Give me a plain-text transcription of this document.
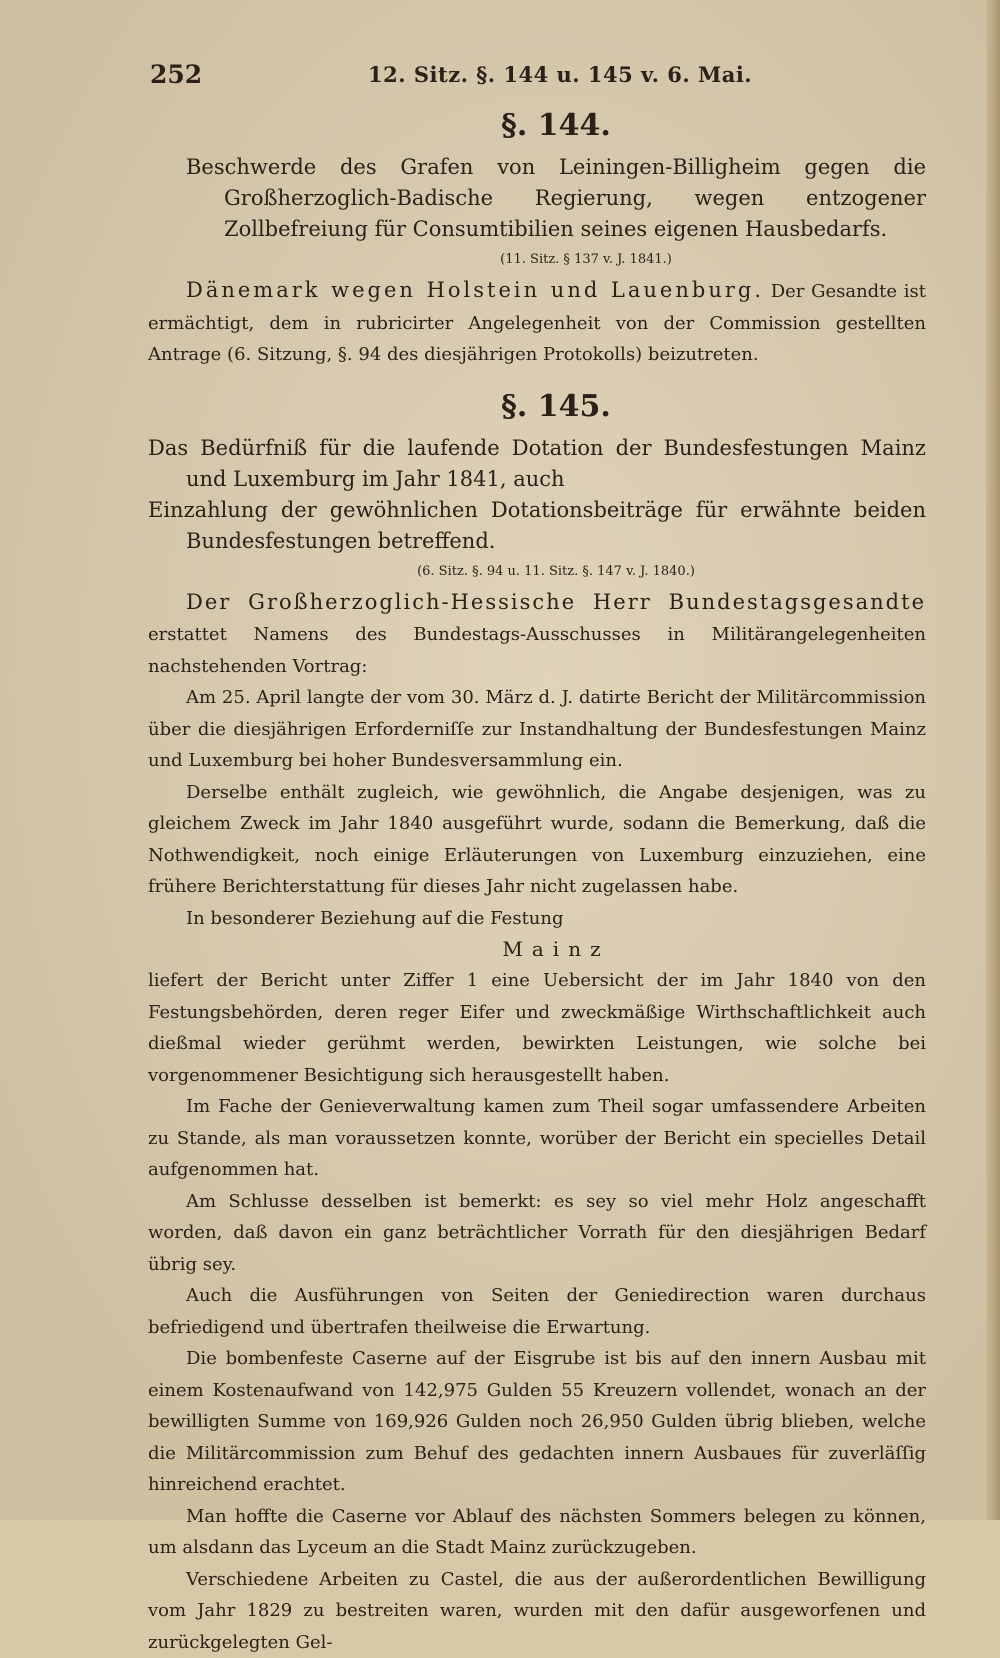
252	12. Sitz. §. 144 u. 145 v. 6. Mai.

§. 144.

Beschwerde des Grafen von Leiningen-Billigheim gegen die Großherzoglich-Badische Regierung, wegen entzogener Zollbefreiung für Consumtibilien seines eigenen Hausbedarfs.

(11. Sitz. § 137 v. J. 1841.)

Dänemark wegen Holstein und Lauenburg. Der Gesandte ist ermächtigt, dem in rubricirter Angelegenheit von der Commission gestellten Antrage (6. Sitzung, §. 94 des diesjährigen Protokolls) beizutreten.

§. 145.

Das Bedürfniß für die laufende Dotation der Bundesfestungen Mainz und Luxemburg im Jahr 1841, auch

Einzahlung der gewöhnlichen Dotationsbeiträge für erwähnte beiden Bundesfestungen betreffend.

(6. Sitz. §. 94 u. 11. Sitz. §. 147 v. J. 1840.)

Der Großherzoglich-Hessische Herr Bundestagsgesandte erstattet Namens des Bundestags-Ausschusses in Militärangelegenheiten nachstehenden Vortrag:

Am 25. April langte der vom 30. März d. J. datirte Bericht der Militärcommission über die diesjährigen Erforderniſſe zur Instandhaltung der Bundesfestungen Mainz und Luxemburg bei hoher Bundesversammlung ein.

Derselbe enthält zugleich, wie gewöhnlich, die Angabe desjenigen, was zu gleichem Zweck im Jahr 1840 ausgeführt wurde, sodann die Bemerkung, daß die Nothwendigkeit, noch einige Erläuterungen von Luxemburg einzuziehen, eine frühere Berichterstattung für dieses Jahr nicht zugelassen habe.

In besonderer Beziehung auf die Festung

Mainz

liefert der Bericht unter Ziffer 1 eine Uebersicht der im Jahr 1840 von den Festungsbehörden, deren reger Eifer und zweckmäßige Wirthschaftlichkeit auch dießmal wieder gerühmt werden, bewirkten Leistungen, wie solche bei vorgenommener Besichtigung sich herausgestellt haben.

Im Fache der Genieverwaltung kamen zum Theil sogar umfassendere Arbeiten zu Stande, als man voraussetzen konnte, worüber der Bericht ein specielles Detail aufgenommen hat.

Am Schlusse desselben ist bemerkt: es sey so viel mehr Holz angeschafft worden, daß davon ein ganz beträchtlicher Vorrath für den diesjährigen Bedarf übrig sey.

Auch die Ausführungen von Seiten der Geniedirection waren durchaus befriedigend und übertrafen theilweise die Erwartung.

Die bombenfeste Caserne auf der Eisgrube ist bis auf den innern Ausbau mit einem Kostenaufwand von 142,975 Gulden 55 Kreuzern vollendet, wonach an der bewilligten Summe von 169,926 Gulden noch 26,950 Gulden übrig blieben, welche die Militärcommission zum Behuf des gedachten innern Ausbaues für zuverläſſig hinreichend erachtet.

Man hoffte die Caserne vor Ablauf des nächsten Sommers belegen zu können, um alsdann das Lyceum an die Stadt Mainz zurückzugeben.

Verschiedene Arbeiten zu Castel, die aus der außerordentlichen Bewilligung vom Jahr 1829 zu bestreiten waren, wurden mit den dafür ausgeworfenen und zurückgelegten Gel-
